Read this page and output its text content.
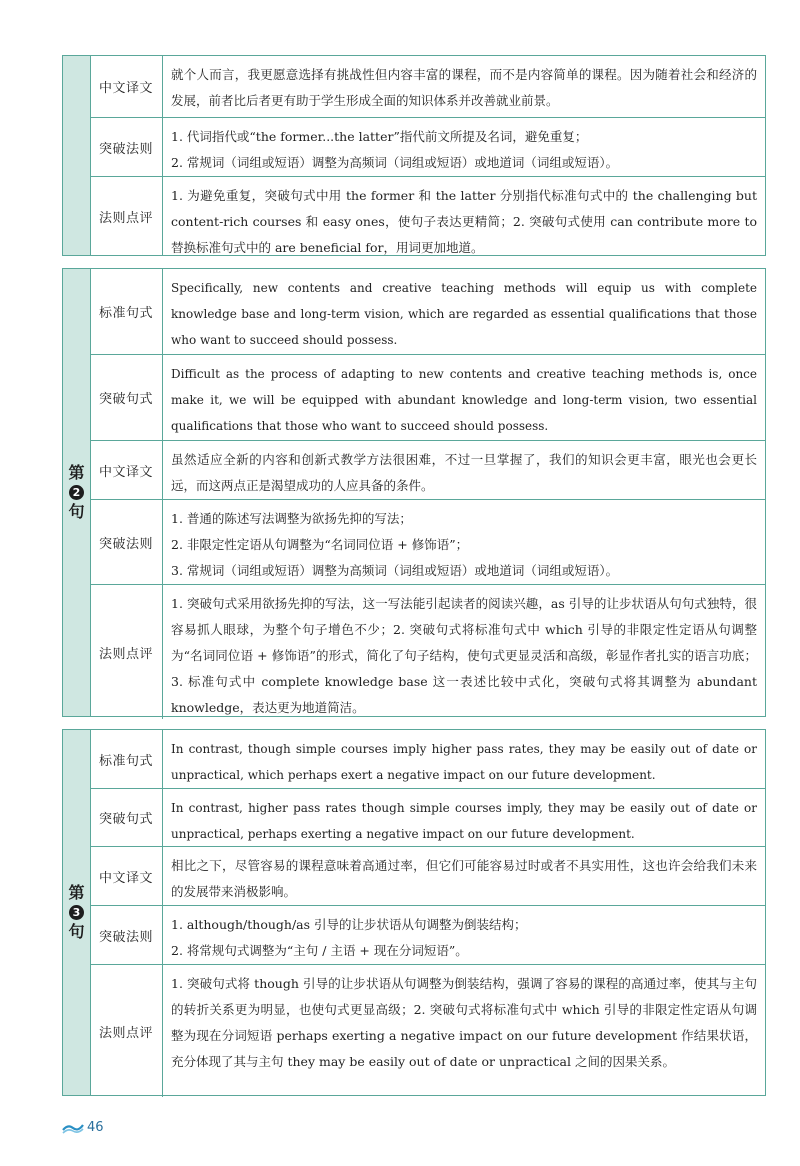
中文译文

就个人而言，我更愿意选择有挑战性但内容丰富的课程，而不是内容简单的课程。因为随着社会和经济的发展，前者比后者更有助于学生形成全面的知识体系并改善就业前景。

突破法则

1. 代词指代或“the former...the latter”指代前文所提及名词，避免重复；

2. 常规词（词组或短语）调整为高频词（词组或短语）或地道词（词组或短语）。

法则点评

1. 为避免重复，突破句式中用 the former 和 the latter 分别指代标准句式中的 the challenging but content-rich courses 和 easy ones，使句子表达更精简；2. 突破句式使用 can contribute more to 替换标准句式中的 are beneficial for，用词更加地道。

第
2
句
标准句式

Specifically, new contents and creative teaching methods will equip us with complete knowledge base and long-term vision, which are regarded as essential qualifications that those who want to succeed should possess.

突破句式

Difficult as the process of adapting to new contents and creative teaching methods is, once make it, we will be equipped with abundant knowledge and long-term vision, two essential qualifications that those who want to succeed should possess.

中文译文

虽然适应全新的内容和创新式教学方法很困难，不过一旦掌握了，我们的知识会更丰富，眼光也会更长远，而这两点正是渴望成功的人应具备的条件。

突破法则

1. 普通的陈述写法调整为欲扬先抑的写法；

2. 非限定性定语从句调整为“名词同位语 + 修饰语”；

3. 常规词（词组或短语）调整为高频词（词组或短语）或地道词（词组或短语）。

法则点评

1. 突破句式采用欲扬先抑的写法，这一写法能引起读者的阅读兴趣，as 引导的让步状语从句句式独特，很容易抓人眼球，为整个句子增色不少；2. 突破句式将标准句式中 which 引导的非限定性定语从句调整为“名词同位语 + 修饰语”的形式，简化了句子结构，使句式更显灵活和高级，彰显作者扎实的语言功底；3. 标准句式中 complete knowledge base 这一表述比较中式化，突破句式将其调整为 abundant knowledge，表达更为地道简洁。

第
3
句
标准句式

In contrast, though simple courses imply higher pass rates, they may be easily out of date or unpractical, which perhaps exert a negative impact on our future development.

突破句式

In contrast, higher pass rates though simple courses imply, they may be easily out of date or unpractical, perhaps exerting a negative impact on our future development.

中文译文

相比之下，尽管容易的课程意味着高通过率，但它们可能容易过时或者不具实用性，这也许会给我们未来的发展带来消极影响。

突破法则

1. although/though/as 引导的让步状语从句调整为倒装结构；

2. 将常规句式调整为“主句 / 主语 + 现在分词短语”。

法则点评

1. 突破句式将 though 引导的让步状语从句调整为倒装结构，强调了容易的课程的高通过率，使其与主句的转折关系更为明显，也使句式更显高级；2. 突破句式将标准句式中 which 引导的非限定性定语从句调整为现在分词短语 perhaps exerting a negative impact on our future development 作结果状语，充分体现了其与主句 they may be easily out of date or unpractical 之间的因果关系。

46
